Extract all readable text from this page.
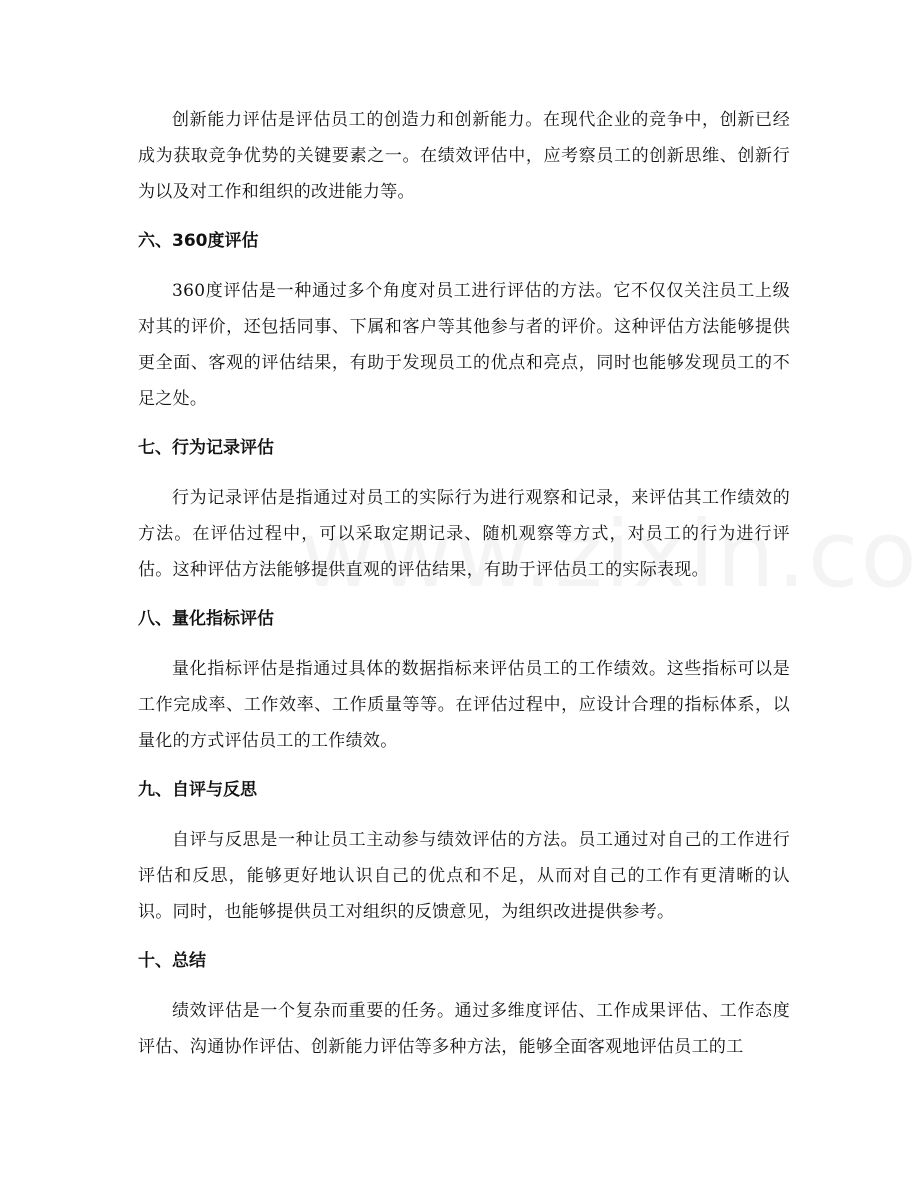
创新能力评估是评估员工的创造力和创新能力。在现代企业的竞争中，创新已经成为获取竞争优势的关键要素之一。在绩效评估中，应考察员工的创新思维、创新行为以及对工作和组织的改进能力等。

六、360度评估

360度评估是一种通过多个角度对员工进行评估的方法。它不仅仅关注员工上级对其的评价，还包括同事、下属和客户等其他参与者的评价。这种评估方法能够提供更全面、客观的评估结果，有助于发现员工的优点和亮点，同时也能够发现员工的不足之处。

七、行为记录评估

行为记录评估是指通过对员工的实际行为进行观察和记录，来评估其工作绩效的方法。在评估过程中，可以采取定期记录、随机观察等方式，对员工的行为进行评估。这种评估方法能够提供直观的评估结果，有助于评估员工的实际表现。

八、量化指标评估

量化指标评估是指通过具体的数据指标来评估员工的工作绩效。这些指标可以是工作完成率、工作效率、工作质量等等。在评估过程中，应设计合理的指标体系，以量化的方式评估员工的工作绩效。

九、自评与反思

自评与反思是一种让员工主动参与绩效评估的方法。员工通过对自己的工作进行评估和反思，能够更好地认识自己的优点和不足，从而对自己的工作有更清晰的认识。同时，也能够提供员工对组织的反馈意见，为组织改进提供参考。

十、总结

绩效评估是一个复杂而重要的任务。通过多维度评估、工作成果评估、工作态度评估、沟通协作评估、创新能力评估等多种方法，能够全面客观地评估员工的工
